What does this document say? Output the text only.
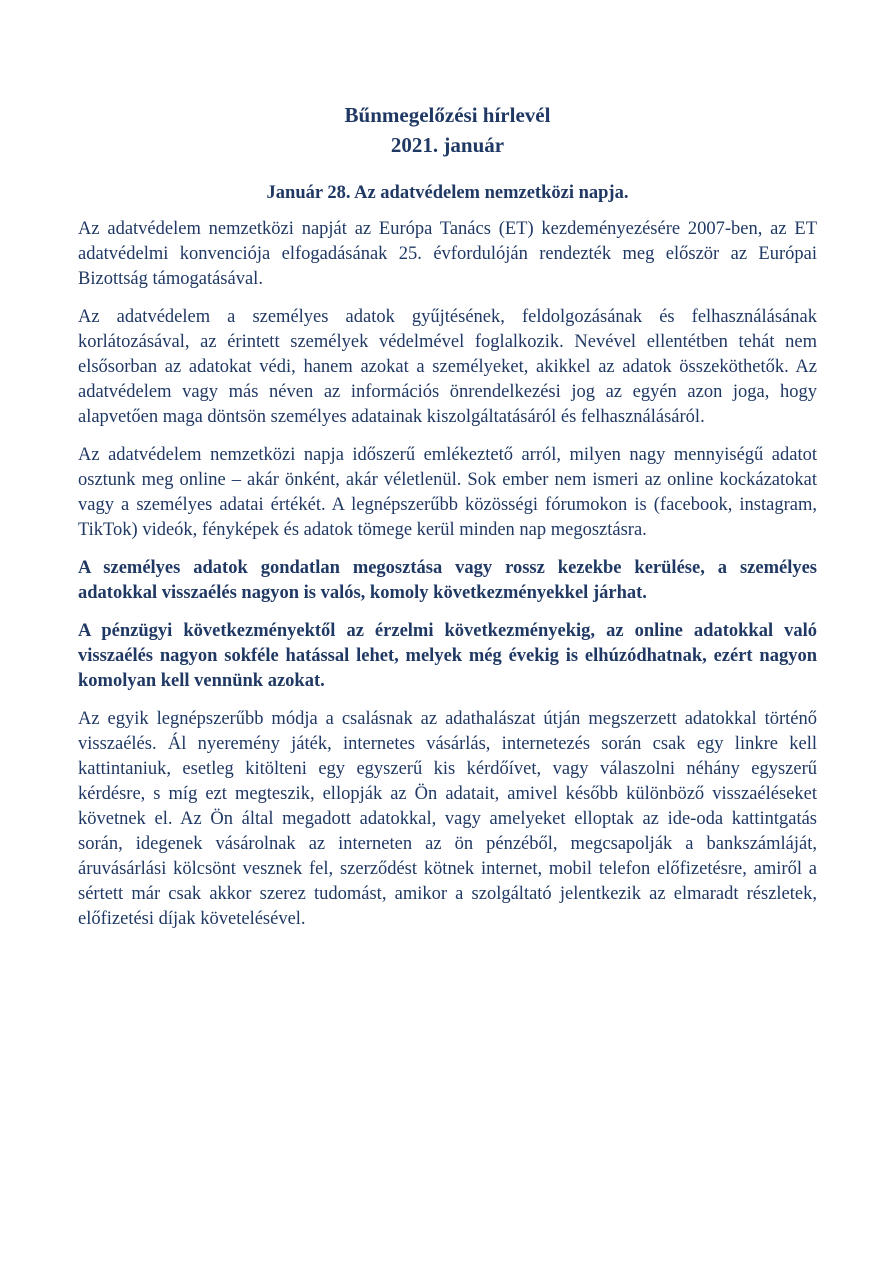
Bűnmegelőzési hírlevél
2021. január
Január 28. Az adatvédelem nemzetközi napja.

Az adatvédelem nemzetközi napját az Európa Tanács (ET) kezdeményezésére 2007-ben, az ET adatvédelmi konvenciója elfogadásának 25. évfordulóján rendezték meg először az Európai Bizottság támogatásával.

Az adatvédelem a személyes adatok gyűjtésének, feldolgozásának és felhasználásának korlátozásával, az érintett személyek védelmével foglalkozik. Nevével ellentétben tehát nem elsősorban az adatokat védi, hanem azokat a személyeket, akikkel az adatok összeköthetők. Az adatvédelem vagy más néven az információs önrendelkezési jog az egyén azon joga, hogy alapvetően maga döntsön személyes adatainak kiszolgáltatásáról és felhasználásáról.

Az adatvédelem nemzetközi napja időszerű emlékeztető arról, milyen nagy mennyiségű adatot osztunk meg online – akár önként, akár véletlenül. Sok ember nem ismeri az online kockázatokat vagy a személyes adatai értékét. A legnépszerűbb közösségi fórumokon is (facebook, instagram, TikTok) videók, fényképek és adatok tömege kerül minden nap megosztásra.

A személyes adatok gondatlan megosztása vagy rossz kezekbe kerülése, a személyes adatokkal visszaélés nagyon is valós, komoly következményekkel járhat.

A pénzügyi következményektől az érzelmi következményekig, az online adatokkal való visszaélés nagyon sokféle hatással lehet, melyek még évekig is elhúzódhatnak, ezért nagyon komolyan kell vennünk azokat.

Az egyik legnépszerűbb módja a csalásnak az adathalászat útján megszerzett adatokkal történő visszaélés. Ál nyeremény játék, internetes vásárlás, internetezés során csak egy linkre kell kattintaniuk, esetleg kitölteni egy egyszerű kis kérdőívet, vagy válaszolni néhány egyszerű kérdésre, s míg ezt megteszik, ellopják az Ön adatait, amivel később különböző visszaéléseket követnek el. Az Ön által megadott adatokkal, vagy amelyeket elloptak az ide-oda kattintgatás során, idegenek vásárolnak az interneten az ön pénzéből, megcsapolják a bankszámláját, áruvásárlási kölcsönt vesznek fel, szerződést kötnek internet, mobil telefon előfizetésre, amiről a sértett már csak akkor szerez tudomást, amikor a szolgáltató jelentkezik az elmaradt részletek, előfizetési díjak követelésével.
